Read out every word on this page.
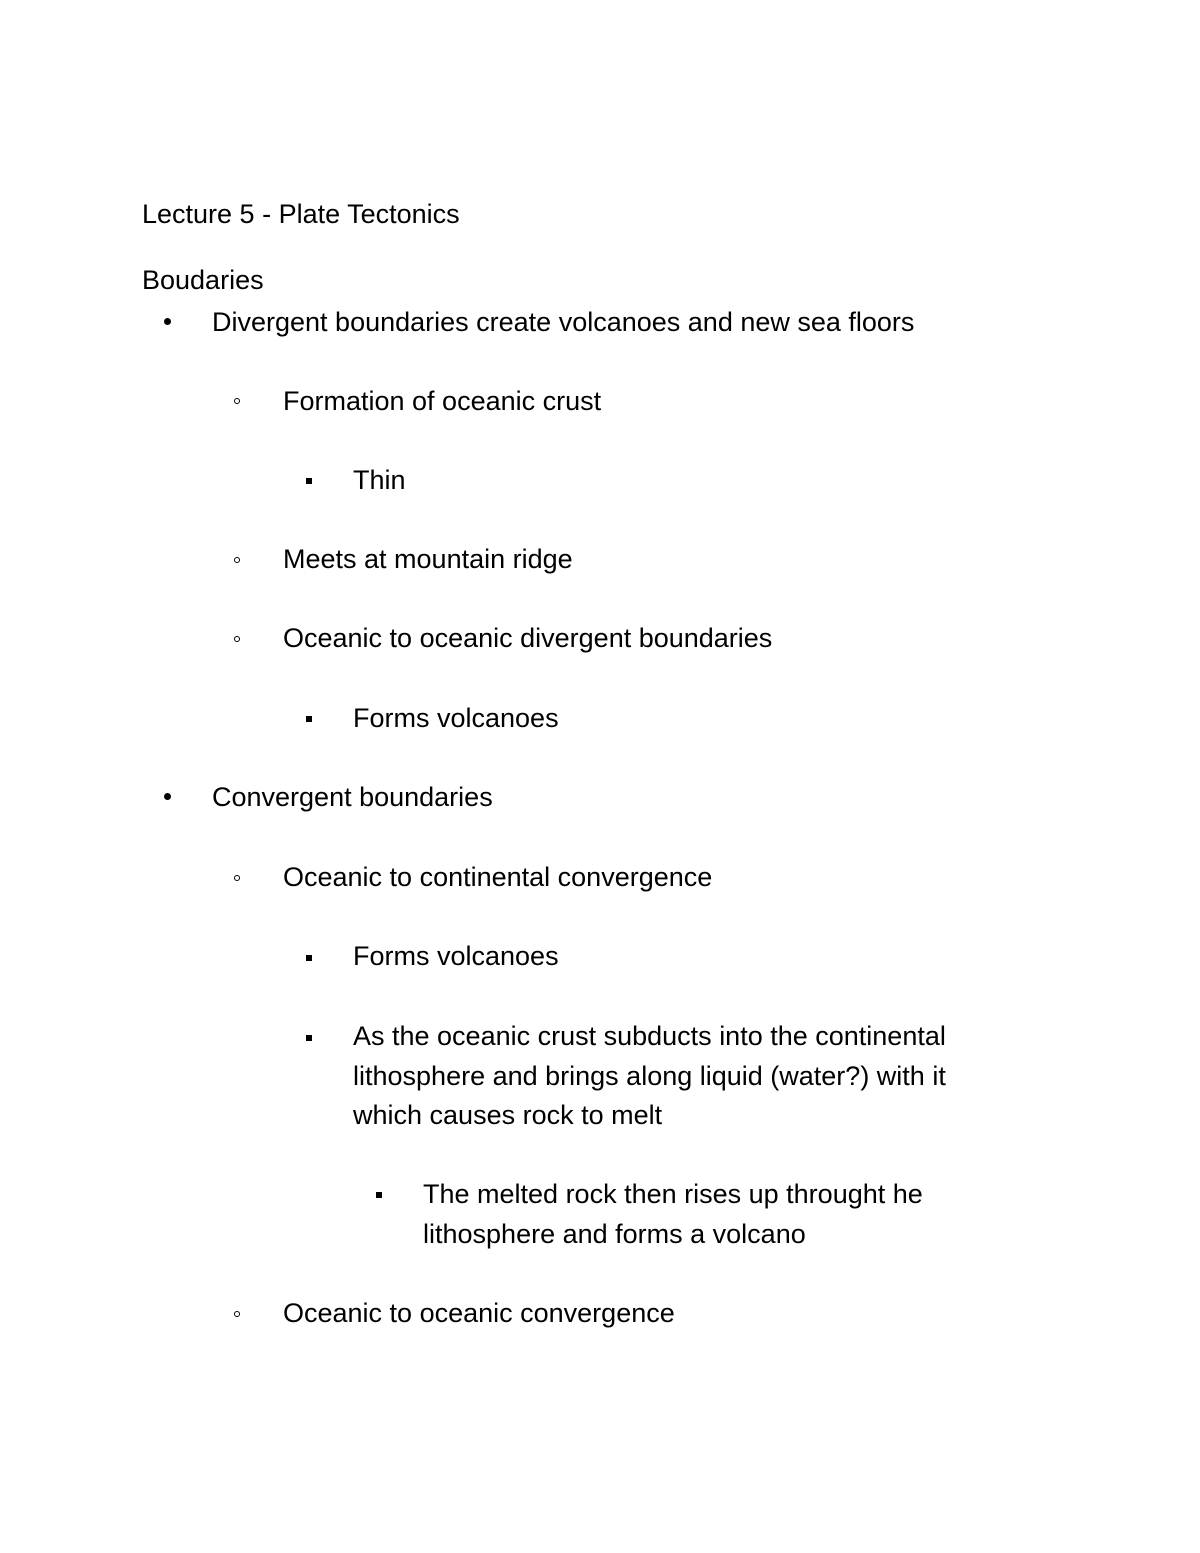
Lecture 5 - Plate Tectonics
Boudaries
Divergent boundaries create volcanoes and new sea floors
Formation of oceanic crust
Thin
Meets at mountain ridge
Oceanic to oceanic divergent boundaries
Forms volcanoes
Convergent boundaries
Oceanic to continental convergence
Forms volcanoes
As the oceanic crust subducts into the continental
lithosphere and brings along liquid (water?) with it
which causes rock to melt
The melted rock then rises up throught he
lithosphere and forms a volcano
Oceanic to oceanic convergence
